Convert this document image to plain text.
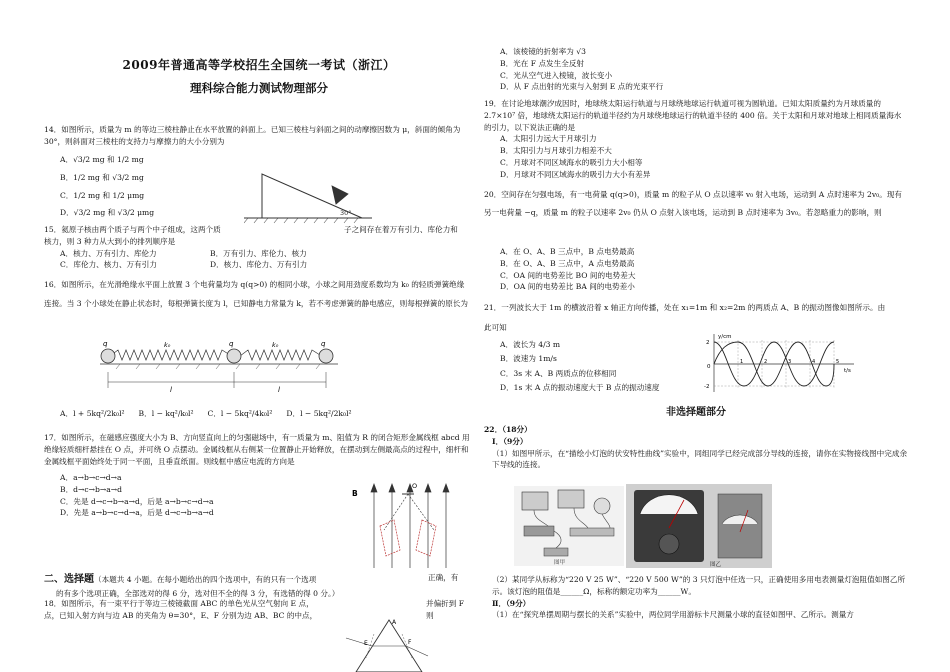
2009年普通高等学校招生全国统一考试（浙江）
理科综合能力测试物理部分

14．如图所示，质量为 m 的等边三棱柱静止在水平放置的斜面上。已知三棱柱与斜面之间的动摩擦因数为 μ，斜面的倾角为 30°，则斜面对三棱柱的支持力与摩擦力的大小分别为

A．√3/2 mg 和 1/2 mg

B．1/2 mg 和 √3/2 mg

C．1/2 mg 和 1/2 μmg

D．√3/2 mg 和 √3/2 μmg	30°

15．氦原子核由两个质子与两个中子组成，这两个质	子之间存在着万有引力、库伦力和

核力，则 3 种力从大到小的排列顺序是

A．核力、万有引力、库伦力	B．万有引力、库伦力、核力
C．库伦力、核力、万有引力	D．核力、库伦力、万有引力

16．如图所示，在光滑绝缘水平面上放置 3 个电荷量均为 q(q>0) 的相同小球，小球之间用劲度系数均为 k₀ 的轻质弹簧绝缘连接。当 3 个小球处在静止状态时，每根弹簧长度为 l，已知静电力常量为 k，若不考虑弹簧的静电感应，则每根弹簧的原长为

q	k₀	q	k₀	q
l	l
A．l + 5kq²/2k₀l² B．l − kq²/k₀l² C．l − 5kq²/4k₀l² D．l − 5kq²/2k₀l²

17．如图所示，在磁感应强度大小为 B、方向竖直向上的匀强磁场中，有一质量为 m、阻值为 R 的闭合矩形金属线框 abcd 用绝缘轻质细杆悬挂在 O 点，并可绕 O 点摆动。金属线框从右侧某一位置静止开始释放，在摆动到左侧最高点的过程中，细杆和金属线框平面始终处于同一平面，且垂直纸面。则线框中感应电流的方向是

A．a→b→c→d→a

B．d→c→b→a→d

C．先是 d→c→b→a→d，后是 a→b→c→d→a

D．先是 a→b→c→d→a，后是 d→c→b→a→d

B
O

二、选择题（本题共 4 小题。在每小题给出的四个选项中，有的只有一个选项	正确，有

的有多个选项正确，全部选对的得 6 分，选对但不全的得 3 分，有选错的得 0 分。）

18．如图所示，有一束平行于等边三棱镜截面 ABC 的单色光从空气射向 E 点，	并偏折到 F

点，已知入射方向与边 AB 的夹角为 θ=30°，E、F 分别为边 AB、BC 的中点，	则

A
E	F

A．该棱镜的折射率为 √3

B．光在 F 点发生全反射

C．光从空气进入棱镜，波长变小

D．从 F 点出射的光束与入射到 E 点的光束平行

19．在讨论地球潮汐成因时，地球绕太阳运行轨道与月球绕地球运行轨道可视为圆轨道。已知太阳质量约为月球质量的 2.7×10⁷ 倍，地球绕太阳运行的轨道半径约为月球绕地球运行的轨道半径的 400 倍。关于太阳和月球对地球上相同质量海水的引力，以下说法正确的是

A．太阳引力远大于月球引力

B．太阳引力与月球引力相差不大

C．月球对不同区域海水的吸引力大小相等

D．月球对不同区域海水的吸引力大小有差异

20．空间存在匀强电场，有一电荷量 q(q>0)，质量 m 的粒子从 O 点以速率 v₀ 射入电场，运动到 A 点时速率为 2v₀。现有另一电荷量 −q，质量 m 的粒子以速率 2v₀ 仍从 O 点射入该电场，运动到 B 点时速率为 3v₀。若忽略重力的影响，则

A．在 O、A、B 三点中，B 点电势最高

B．在 O、A、B 三点中，A 点电势最高

C．OA 间的电势差比 BO 间的电势差大

D．OA 间的电势差比 BA 间的电势差小

21．一列波长大于 1m 的横波沿着 x 轴正方向传播，处在 x₁=1m 和 x₂=2m 的两质点 A、B 的振动图像如图所示。由

此可知

A．波长为 4/3 m

B．波速为 1m/s

C．3s 末 A、B 两质点的位移相同

D．1s 末 A 点的振动速度大于 B 点的振动速度

y/cm
2
0
-2
1	2	3	4	5
t/s
非选择题部分

22．（18分）

Ⅰ．（9分）

（1）如图甲所示，在“描绘小灯泡的伏安特性曲线”实验中，同组同学已经完成部分导线的连接，请你在实物接线图中完成余下导线的连接。

图甲	图乙

（2）某同学从标称为“220 V 25 W”、“220 V 500 W”的 3 只灯泡中任选一只，正确使用多用电表测量灯泡阻值如图乙所示。该灯泡的阻值是______Ω，标称的额定功率为______W。

Ⅱ．（9分）

（1）在“探究单摆周期与摆长的关系”实验中，两位同学用游标卡尺测量小球的直径如图甲、乙所示。测量方
